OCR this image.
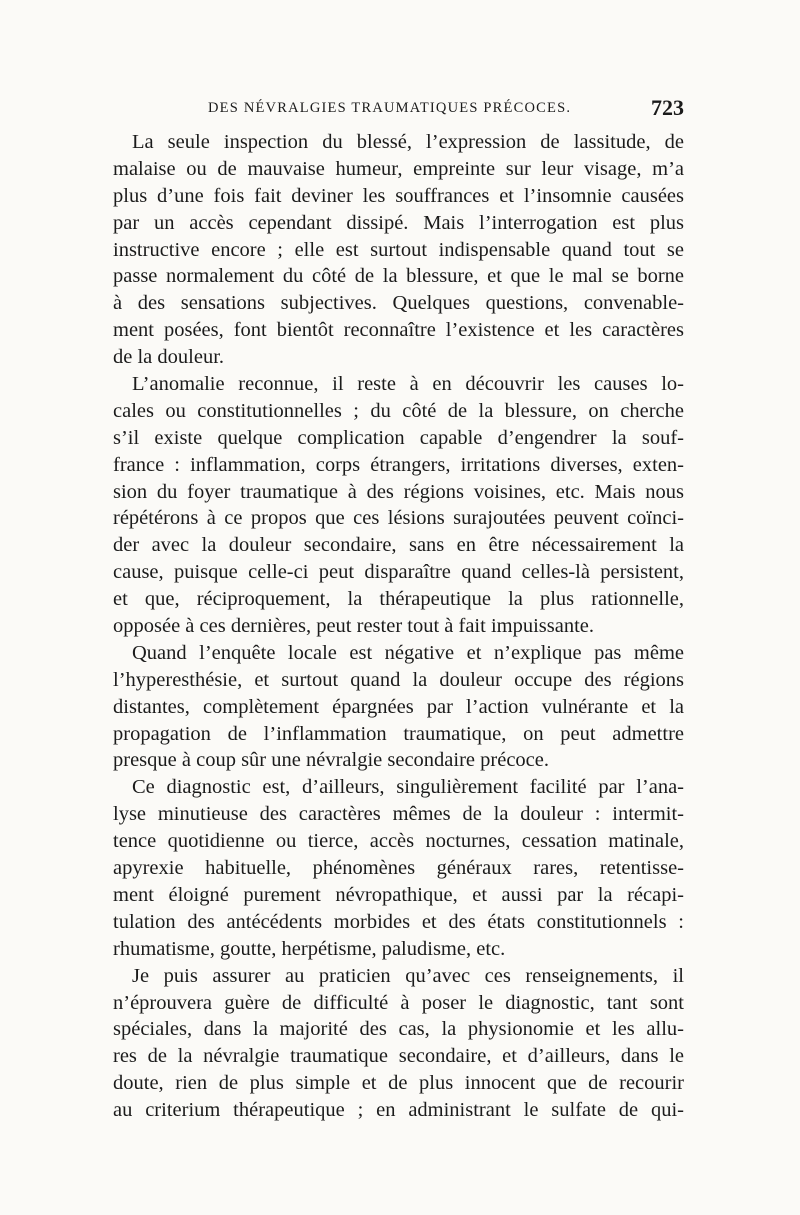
DES NÉVRALGIES TRAUMATIQUES PRÉCOCES.	723
La seule inspection du blessé, l’expression de lassitude, de
malaise ou de mauvaise humeur, empreinte sur leur visage, m’a
plus d’une fois fait deviner les souffrances et l’insomnie causées
par un accès cependant dissipé. Mais l’interrogation est plus
instructive encore ; elle est surtout indispensable quand tout se
passe normalement du côté de la blessure, et que le mal se borne
à des sensations subjectives. Quelques questions, convenable-
ment posées, font bientôt reconnaître l’existence et les caractères
de la douleur.
L’anomalie reconnue, il reste à en découvrir les causes lo-
cales ou constitutionnelles ; du côté de la blessure, on cherche
s’il existe quelque complication capable d’engendrer la souf-
france : inflammation, corps étrangers, irritations diverses, exten-
sion du foyer traumatique à des régions voisines, etc. Mais nous
répétérons à ce propos que ces lésions surajoutées peuvent coïnci-
der avec la douleur secondaire, sans en être nécessairement la
cause, puisque celle-ci peut disparaître quand celles-là persistent,
et que, réciproquement, la thérapeutique la plus rationnelle,
opposée à ces dernières, peut rester tout à fait impuissante.
Quand l’enquête locale est négative et n’explique pas même
l’hyperesthésie, et surtout quand la douleur occupe des régions
distantes, complètement épargnées par l’action vulnérante et la
propagation de l’inflammation traumatique, on peut admettre
presque à coup sûr une névralgie secondaire précoce.
Ce diagnostic est, d’ailleurs, singulièrement facilité par l’ana-
lyse minutieuse des caractères mêmes de la douleur : intermit-
tence quotidienne ou tierce, accès nocturnes, cessation matinale,
apyrexie habituelle, phénomènes généraux rares, retentisse-
ment éloigné purement névropathique, et aussi par la récapi-
tulation des antécédents morbides et des états constitutionnels :
rhumatisme, goutte, herpétisme, paludisme, etc.
Je puis assurer au praticien qu’avec ces renseignements, il
n’éprouvera guère de difficulté à poser le diagnostic, tant sont
spéciales, dans la majorité des cas, la physionomie et les allu-
res de la névralgie traumatique secondaire, et d’ailleurs, dans le
doute, rien de plus simple et de plus innocent que de recourir
au criterium thérapeutique ; en administrant le sulfate de qui-
